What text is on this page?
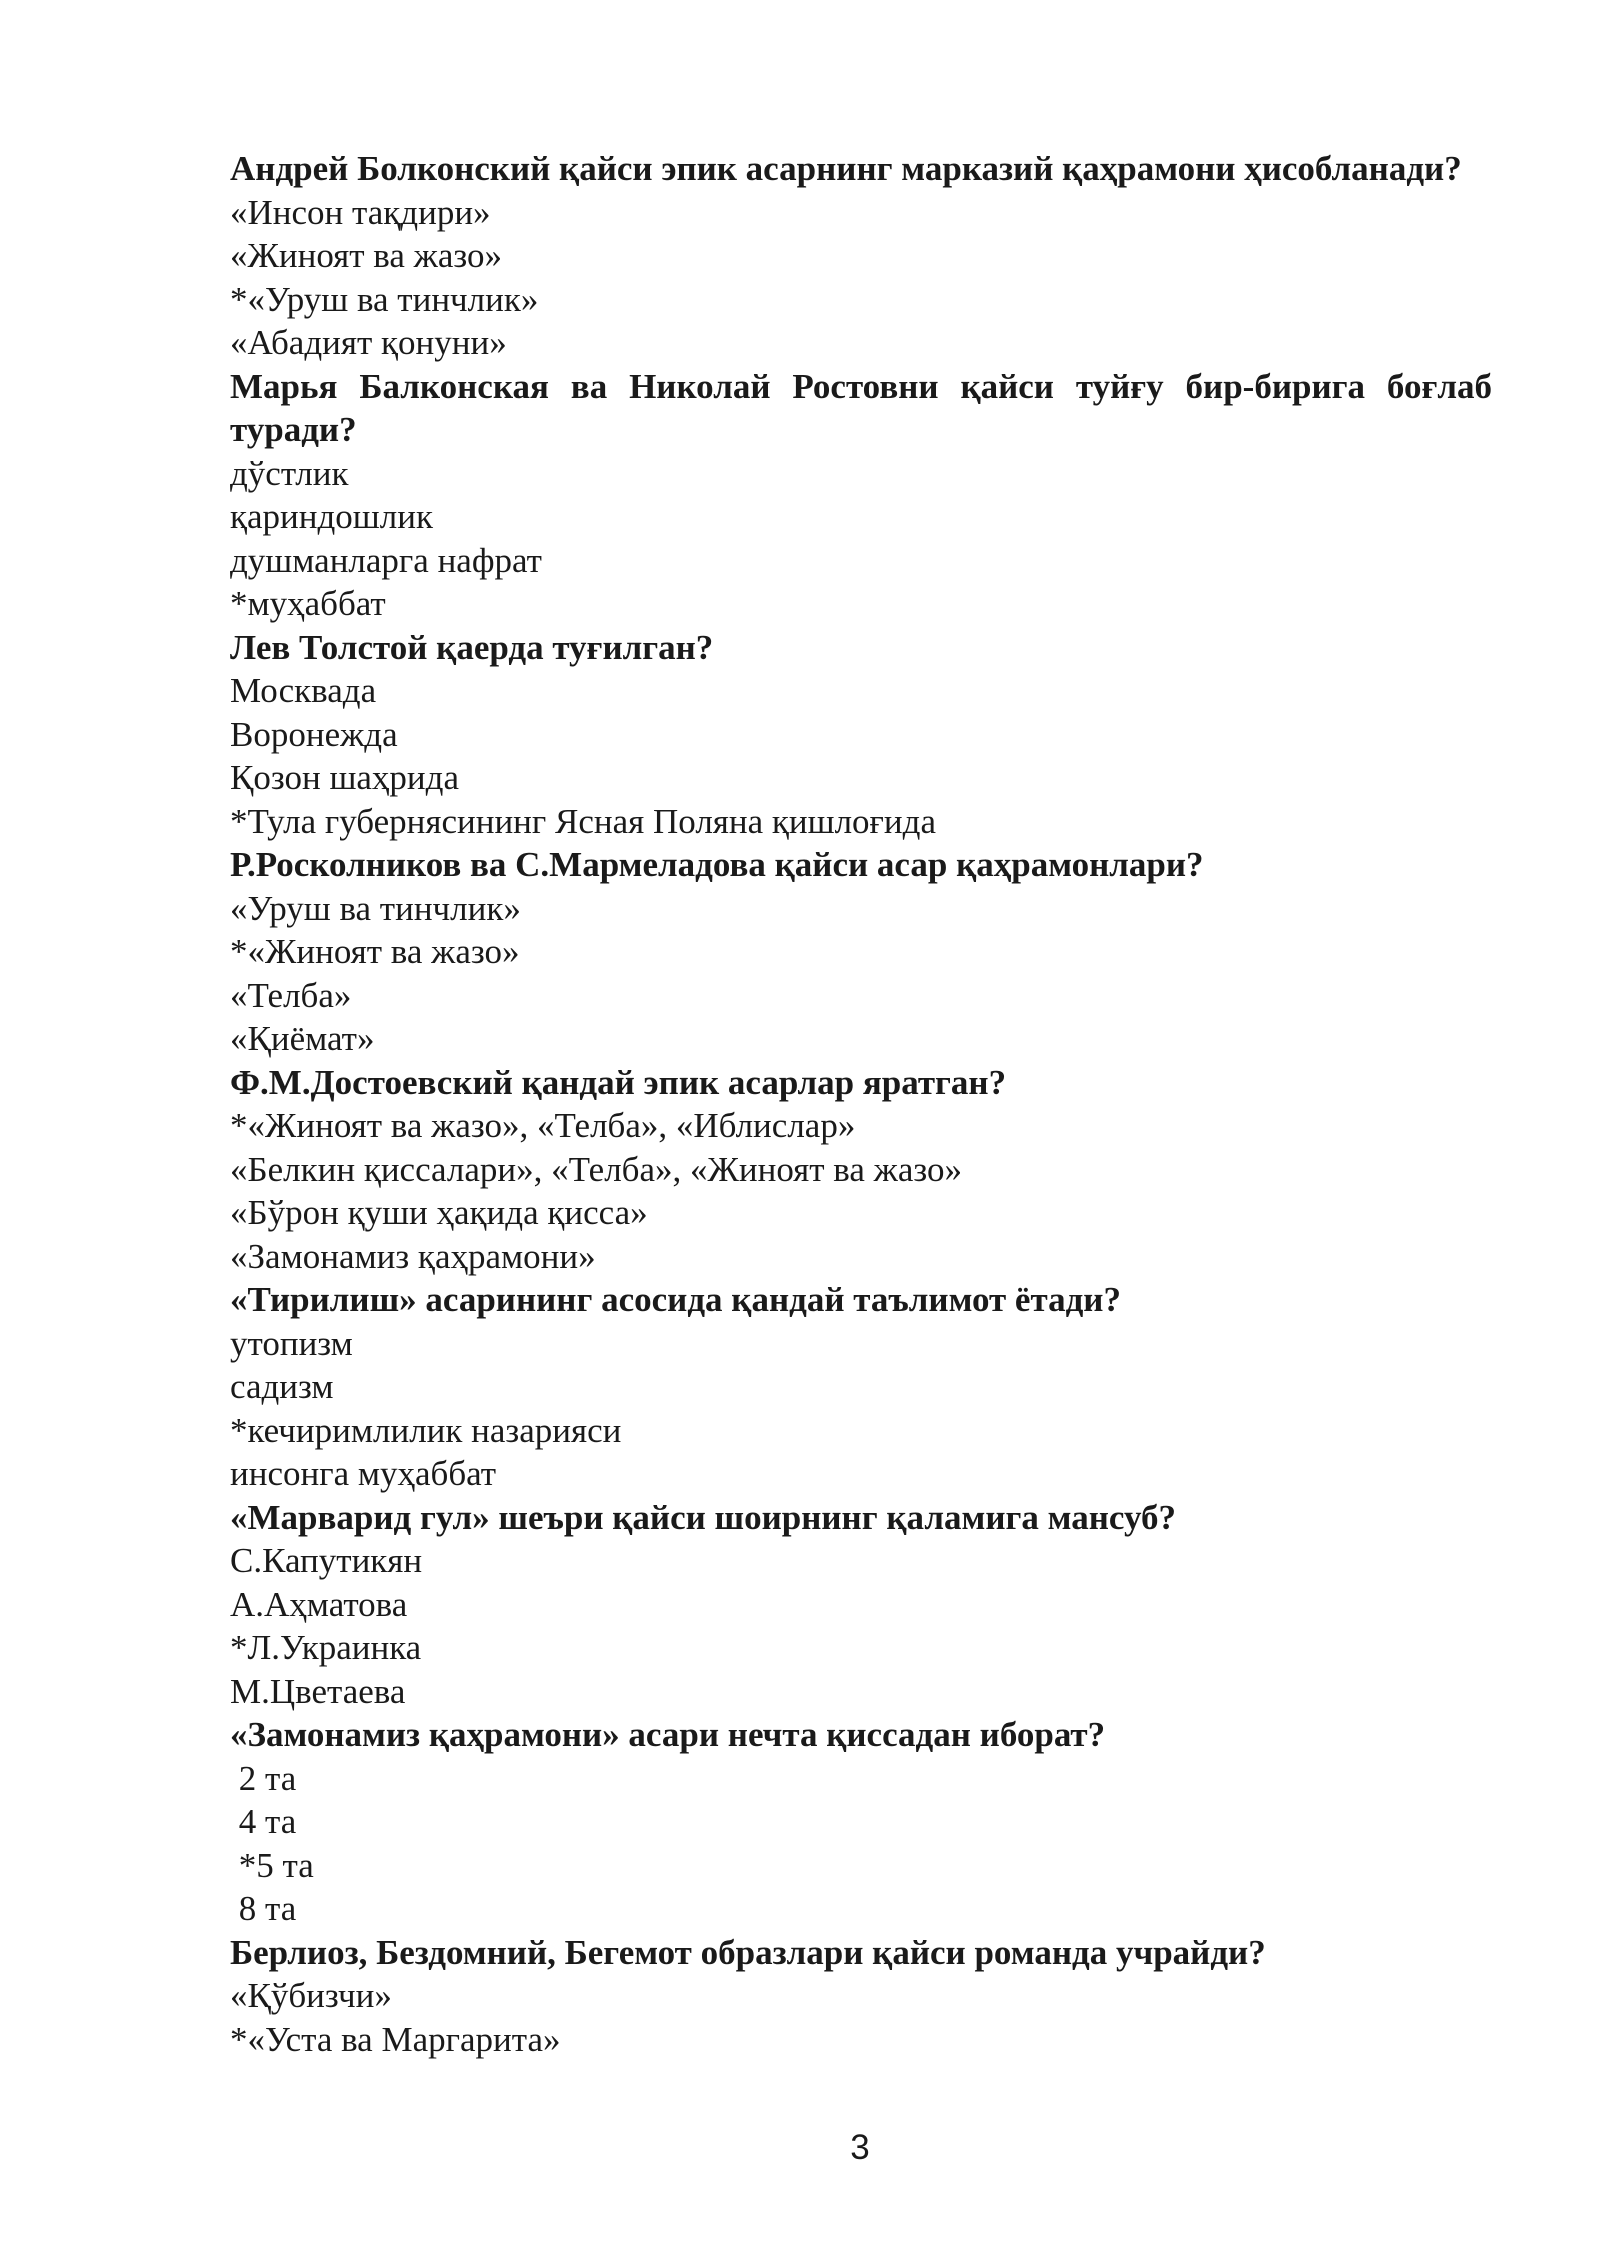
Андрей Болконский қайси эпик асарнинг марказий қаҳрамони ҳисобланади?

«Инсон тақдири»

«Жиноят ва жазо»

*«Уруш ва тинчлик»

«Абадият қонуни»

Марья Балконская ва Николай Ростовни қайси туйғу бир-бирига боғлаб туради?

дўстлик

қариндошлик

душманларга нафрат

*муҳаббат

Лев Толстой қаерда туғилган?

Москвада

Воронежда

Қозон шаҳрида

*Тула губернясининг Ясная Поляна қишлоғида

Р.Росколников ва С.Мармеладова қайси асар қаҳрамонлари?

«Уруш ва тинчлик»

*«Жиноят ва жазо»

«Телба»

«Қиёмат»

Ф.М.Достоевский қандай эпик асарлар яратган?

*«Жиноят ва жазо», «Телба», «Иблислар»

«Белкин қиссалари», «Телба», «Жиноят ва жазо»

«Бўрон қуши ҳақида қисса»

«Замонамиз қаҳрамони»

«Тирилиш» асарининг асосида қандай таълимот ётади?

утопизм

садизм

*кечиримлилик назарияси

инсонга муҳаббат

«Марварид гул» шеъри қайси шоирнинг қаламига мансуб?

С.Капутикян

А.Аҳматова

*Л.Украинка

М.Цветаева

«Замонамиз қаҳрамони» асари нечта қиссадан иборат?

2 та

4 та

*5 та

8 та

Берлиоз, Бездомний, Бегемот образлари қайси романда учрайди?

«Қўбизчи»

*«Уста ва Маргарита»

3
